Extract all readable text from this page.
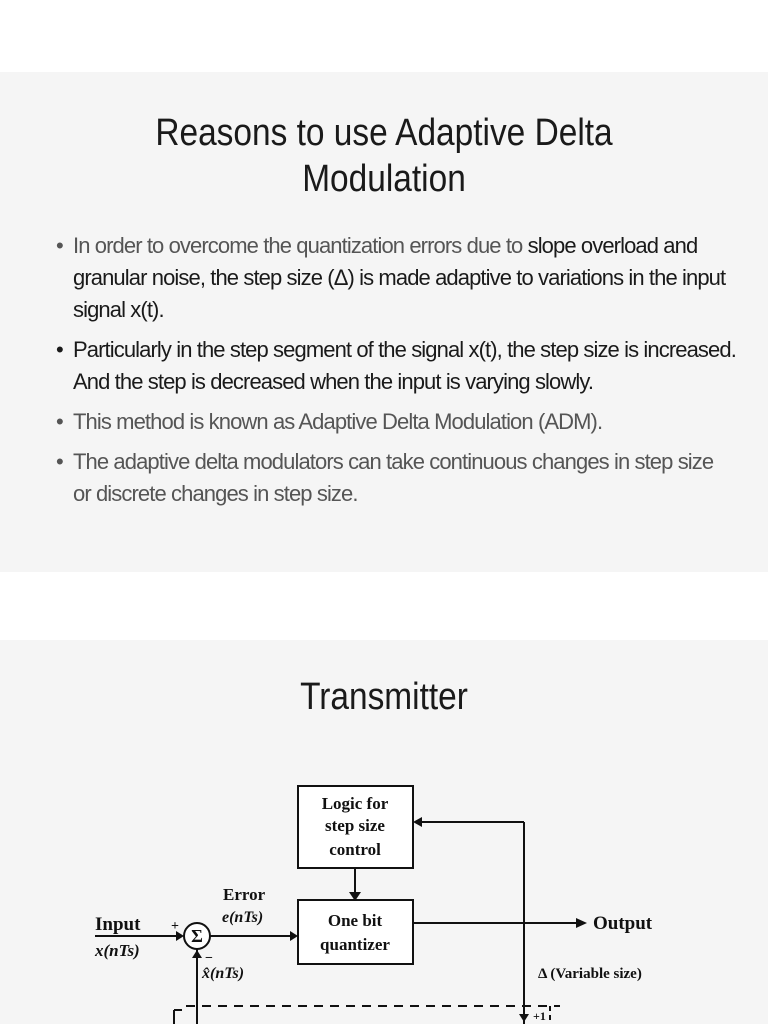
Reasons to use Adaptive Delta
Modulation
• In order to overcome the quantization errors due to slope overload and granular noise, the step size (Δ) is made adaptive to variations in the input signal x(t).
• Particularly in the step segment of the signal x(t), the step size is increased. And the step is decreased when the input is varying slowly.
• This method is known as Adaptive Delta Modulation (ADM).
• The adaptive delta modulators can take continuous changes in step size or discrete changes in step size.
Transmitter
Logic for
step size
control
One bit
quantizer
Σ
Input
x(nTs)
+
−
Error
e(nTs)	Output
Δ (Variable size)
+1
x̂(nTs)
